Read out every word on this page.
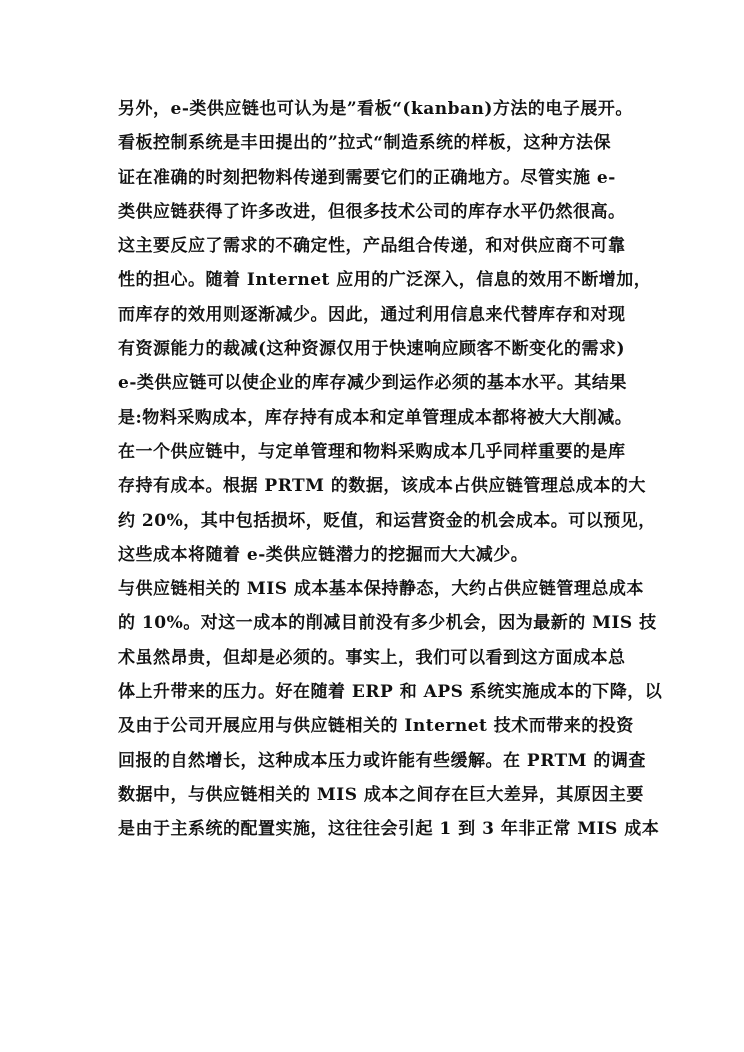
另外，e-类供应链也可认为是”看板“(kanban)方法的电子展开。
看板控制系统是丰田提出的”拉式“制造系统的样板，这种方法保
证在准确的时刻把物料传递到需要它们的正确地方。尽管实施 e-
类供应链获得了许多改进，但很多技术公司的库存水平仍然很高。
这主要反应了需求的不确定性，产品组合传递，和对供应商不可靠
性的担心。随着 Internet 应用的广泛深入，信息的效用不断增加，
而库存的效用则逐渐减少。因此，通过利用信息来代替库存和对现
有资源能力的裁减(这种资源仅用于快速响应顾客不断变化的需求)
e-类供应链可以使企业的库存减少到运作必须的基本水平。其结果
是:物料采购成本，库存持有成本和定单管理成本都将被大大削减。
在一个供应链中，与定单管理和物料采购成本几乎同样重要的是库
存持有成本。根据 PRTM 的数据，该成本占供应链管理总成本的大
约 20%，其中包括损坏，贬值，和运营资金的机会成本。可以预见，
这些成本将随着 e-类供应链潜力的挖掘而大大减少。
与供应链相关的 MIS 成本基本保持静态，大约占供应链管理总成本
的 10%。对这一成本的削减目前没有多少机会，因为最新的 MIS 技
术虽然昂贵，但却是必须的。事实上，我们可以看到这方面成本总
体上升带来的压力。好在随着 ERP 和 APS 系统实施成本的下降，以
及由于公司开展应用与供应链相关的 Internet 技术而带来的投资
回报的自然增长，这种成本压力或许能有些缓解。在 PRTM 的调查
数据中，与供应链相关的 MIS 成本之间存在巨大差异，其原因主要
是由于主系统的配置实施，这往往会引起 1 到 3 年非正常 MIS 成本
